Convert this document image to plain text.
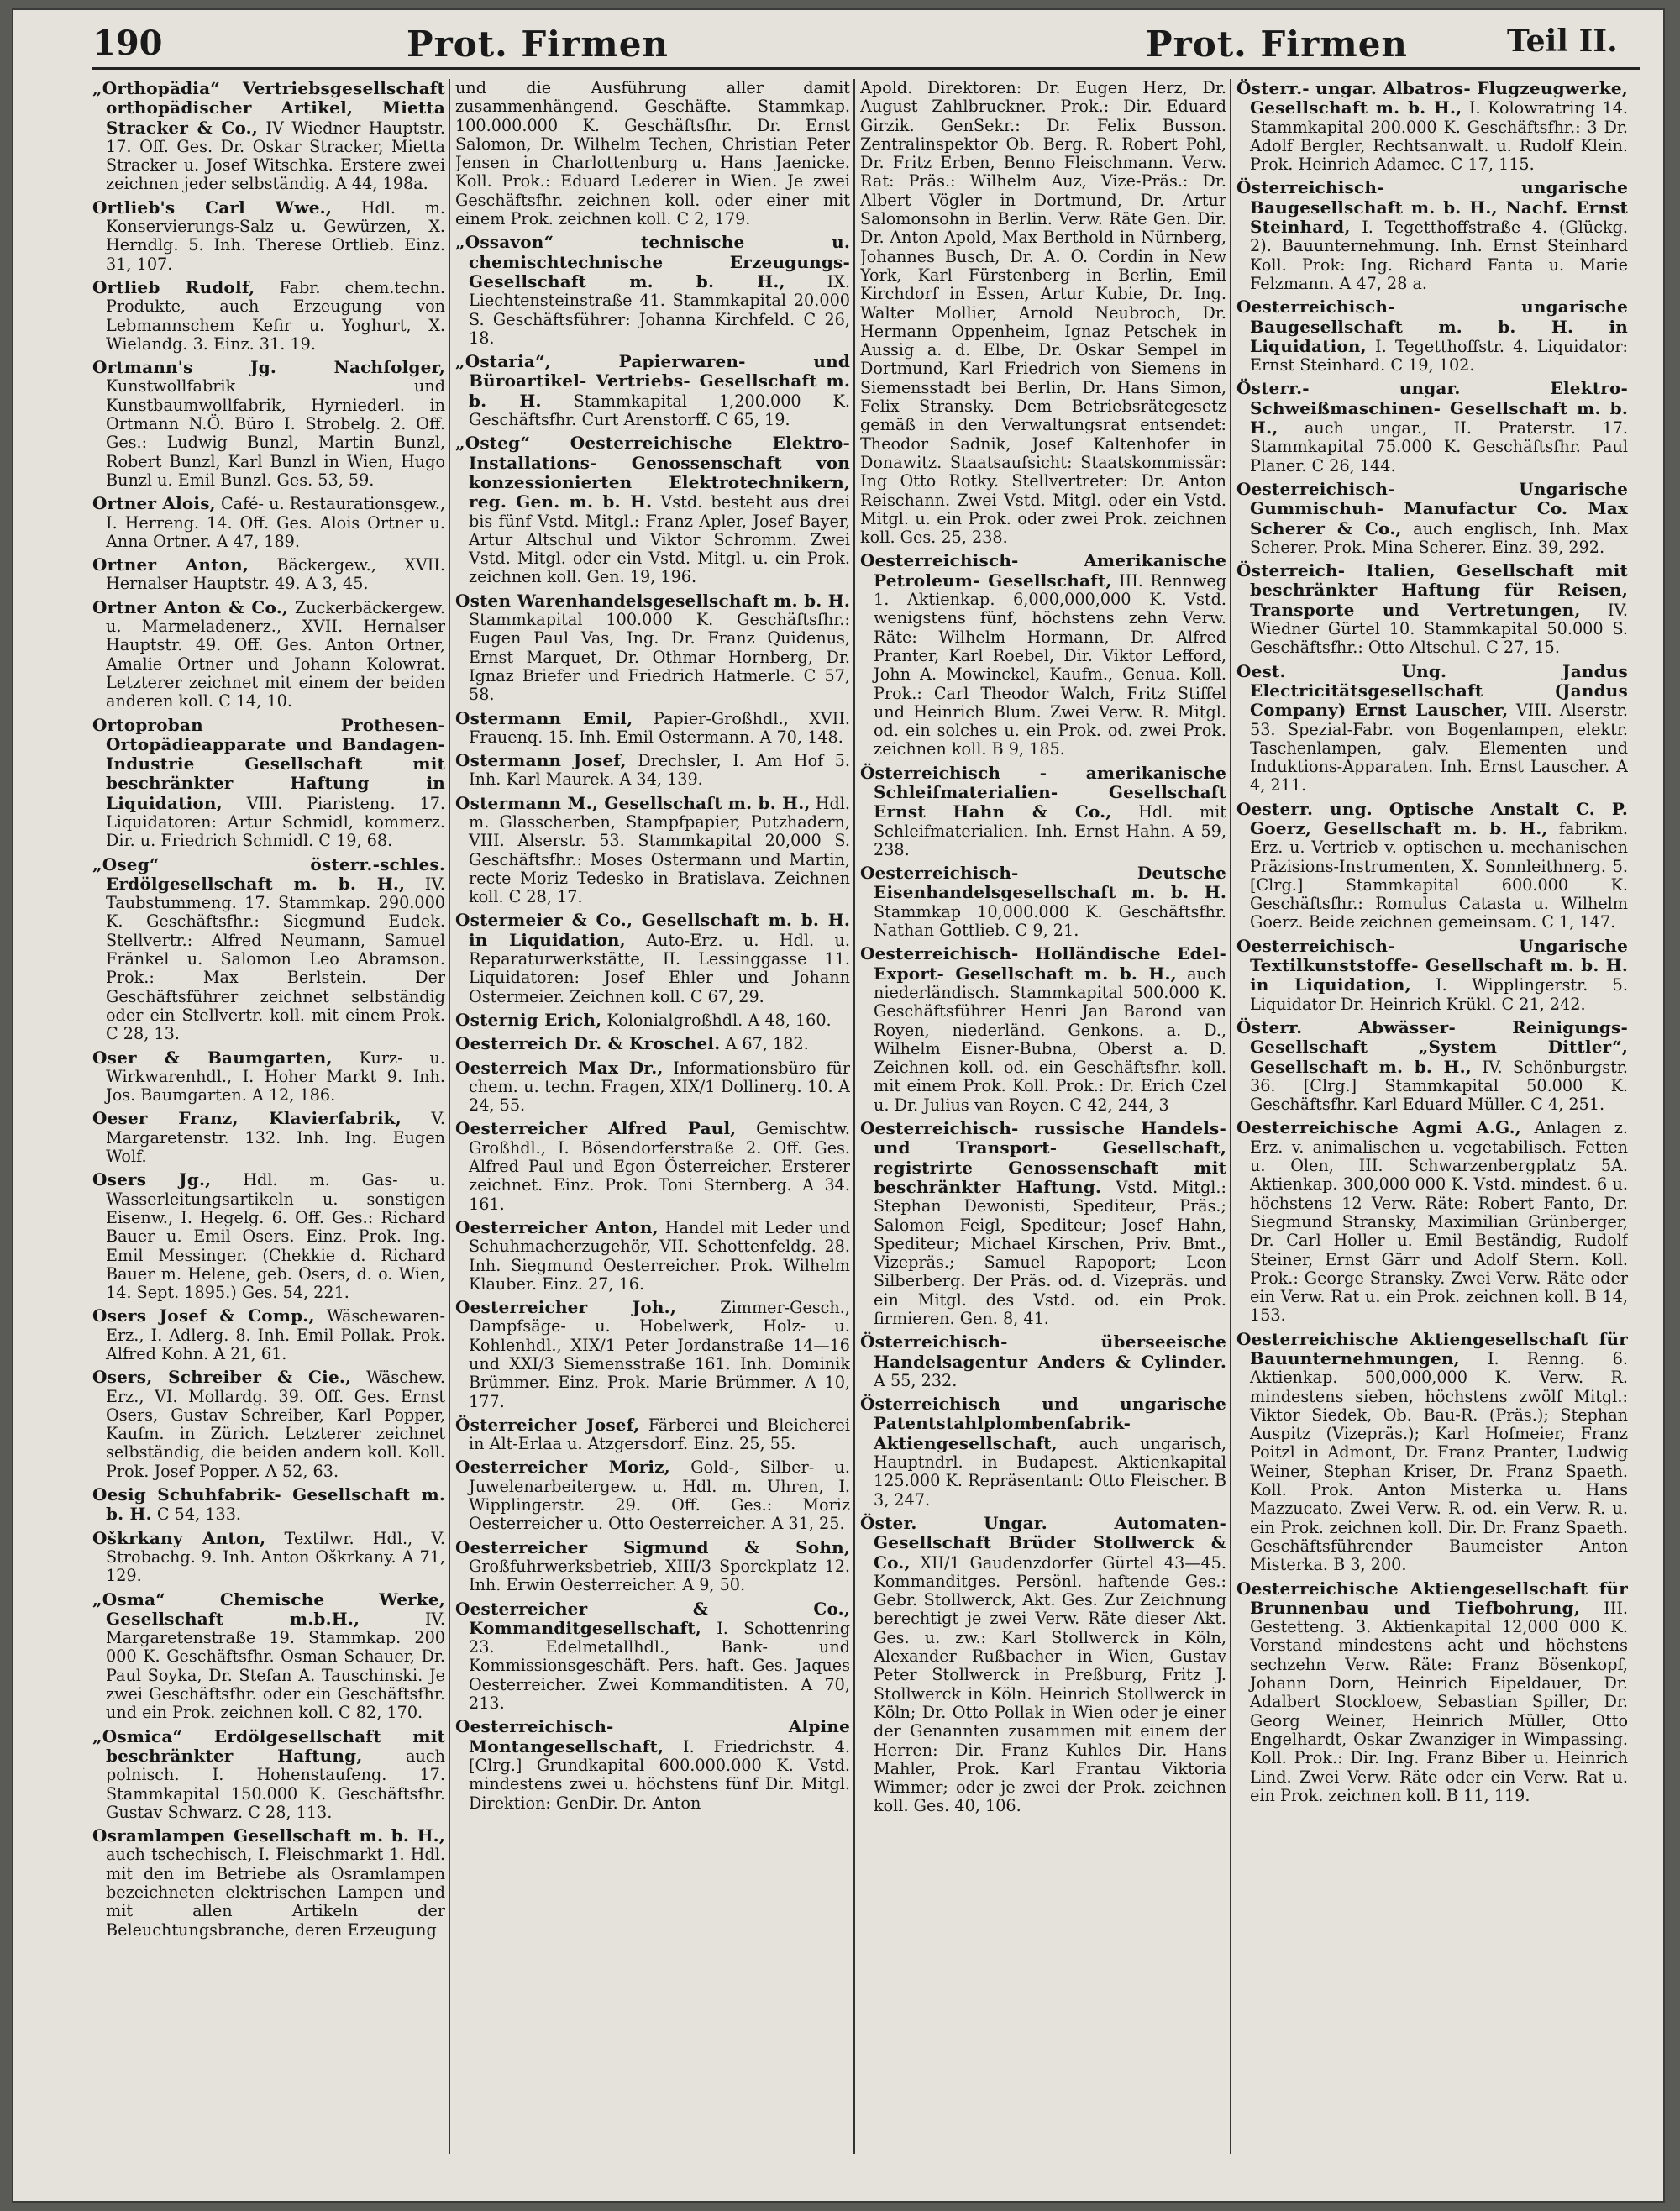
190	Prot. Firmen	Prot. Firmen	Teil II.
„Orthopädia“ Vertriebsgesellschaft orthopädischer Artikel, Mietta Stracker & Co., IV Wiedner Hauptstr. 17. Off. Ges. Dr. Oskar Stracker, Mietta Stracker u. Josef Witschka. Erstere zwei zeichnen jeder selbständig. A 44, 198a.
Ortlieb's Carl Wwe., Hdl. m. Konservierungs-Salz u. Gewürzen, X. Herndlg. 5. Inh. Therese Ortlieb. Einz. 31, 107.
Ortlieb Rudolf, Fabr. chem.techn. Produkte, auch Erzeugung von Lebmannschem Kefir u. Yoghurt, X. Wielandg. 3. Einz. 31. 19.
Ortmann's Jg. Nachfolger, Kunstwollfabrik und Kunstbaumwollfabrik, Hyrniederl. in Ortmann N.Ö. Büro I. Strobelg. 2. Off. Ges.: Ludwig Bunzl, Martin Bunzl, Robert Bunzl, Karl Bunzl in Wien, Hugo Bunzl u. Emil Bunzl. Ges. 53, 59.
Ortner Alois, Café- u. Restaurationsgew., I. Herreng. 14. Off. Ges. Alois Ortner u. Anna Ortner. A 47, 189.
Ortner Anton, Bäckergew., XVII. Hernalser Hauptstr. 49. A 3, 45.
Ortner Anton & Co., Zuckerbäckergew. u. Marmeladenerz., XVII. Hernalser Hauptstr. 49. Off. Ges. Anton Ortner, Amalie Ortner und Johann Kolowrat. Letzterer zeichnet mit einem der beiden anderen koll. C 14, 10.
Ortoproban Prothesen- Ortopädieapparate und Bandagen-Industrie Gesellschaft mit beschränkter Haftung in Liquidation, VIII. Piaristeng. 17. Liquidatoren: Artur Schmidl, kommerz. Dir. u. Friedrich Schmidl. C 19, 68.
„Oseg“ österr.-schles. Erdölgesellschaft m. b. H., IV. Taubstummeng. 17. Stammkap. 290.000 K. Geschäftsfhr.: Siegmund Eudek. Stellvertr.: Alfred Neumann, Samuel Fränkel u. Salomon Leo Abramson. Prok.: Max Berlstein. Der Geschäftsführer zeichnet selbständig oder ein Stellvertr. koll. mit einem Prok. C 28, 13.
Oser & Baumgarten, Kurz- u. Wirkwarenhdl., I. Hoher Markt 9. Inh. Jos. Baumgarten. A 12, 186.
Oeser Franz, Klavierfabrik, V. Margaretenstr. 132. Inh. Ing. Eugen Wolf.
Osers Jg., Hdl. m. Gas- u. Wasserleitungsartikeln u. sonstigen Eisenw., I. Hegelg. 6. Off. Ges.: Richard Bauer u. Emil Osers. Einz. Prok. Ing. Emil Messinger. (Chekkie d. Richard Bauer m. Helene, geb. Osers, d. o. Wien, 14. Sept. 1895.) Ges. 54, 221.
Osers Josef & Comp., Wäschewaren-Erz., I. Adlerg. 8. Inh. Emil Pollak. Prok. Alfred Kohn. A 21, 61.
Osers, Schreiber & Cie., Wäschew. Erz., VI. Mollardg. 39. Off. Ges. Ernst Osers, Gustav Schreiber, Karl Popper, Kaufm. in Zürich. Letzterer zeichnet selbständig, die beiden andern koll. Koll. Prok. Josef Popper. A 52, 63.
Oesig Schuhfabrik- Gesellschaft m. b. H. C 54, 133.
Oškrkany Anton, Textilwr. Hdl., V. Strobachg. 9. Inh. Anton Oškrkany. A 71, 129.
„Osma“ Chemische Werke, Gesellschaft m.b.H., IV. Margaretenstraße 19. Stammkap. 200 000 K. Geschäftsfhr. Osman Schauer, Dr. Paul Soyka, Dr. Stefan A. Tauschinski. Je zwei Geschäftsfhr. oder ein Geschäftsfhr. und ein Prok. zeichnen koll. C 82, 170.
„Osmica“ Erdölgesellschaft mit beschränkter Haftung, auch polnisch. I. Hohenstaufeng. 17. Stammkapital 150.000 K. Geschäftsfhr. Gustav Schwarz. C 28, 113.
Osramlampen Gesellschaft m. b. H., auch tschechisch, I. Fleischmarkt 1. Hdl. mit den im Betriebe als Osramlampen bezeichneten elektrischen Lampen und mit allen Artikeln der Beleuchtungsbranche, deren Erzeugung
und die Ausführung aller damit zusammenhängend. Geschäfte. Stammkap. 100.000.000 K. Geschäftsfhr. Dr. Ernst Salomon, Dr. Wilhelm Techen, Christian Peter Jensen in Charlottenburg u. Hans Jaenicke. Koll. Prok.: Eduard Lederer in Wien. Je zwei Geschäftsfhr. zeichnen koll. oder einer mit einem Prok. zeichnen koll. C 2, 179.
„Ossavon“ technische u. chemischtechnische Erzeugungs-Gesellschaft m. b. H., IX. Liechtensteinstraße 41. Stammkapital 20.000 S. Geschäftsführer: Johanna Kirchfeld. C 26, 18.
„Ostaria“, Papierwaren- und Büroartikel- Vertriebs- Gesellschaft m. b. H. Stammkapital 1,200.000 K. Geschäftsfhr. Curt Arenstorff. C 65, 19.
„Osteg“ Oesterreichische Elektro- Installations- Genossenschaft von konzessionierten Elektrotechnikern, reg. Gen. m. b. H. Vstd. besteht aus drei bis fünf Vstd. Mitgl.: Franz Apler, Josef Bayer, Artur Altschul und Viktor Schromm. Zwei Vstd. Mitgl. oder ein Vstd. Mitgl. u. ein Prok. zeichnen koll. Gen. 19, 196.
Osten Warenhandelsgesellschaft m. b. H. Stammkapital 100.000 K. Geschäftsfhr.: Eugen Paul Vas, Ing. Dr. Franz Quidenus, Ernst Marquet, Dr. Othmar Hornberg, Dr. Ignaz Briefer und Friedrich Hatmerle. C 57, 58.
Ostermann Emil, Papier-Großhdl., XVII. Frauenq. 15. Inh. Emil Ostermann. A 70, 148.
Ostermann Josef, Drechsler, I. Am Hof 5. Inh. Karl Maurek. A 34, 139.
Ostermann M., Gesellschaft m. b. H., Hdl. m. Glasscherben, Stampfpapier, Putzhadern, VIII. Alserstr. 53. Stammkapital 20,000 S. Geschäftsfhr.: Moses Ostermann und Martin, recte Moriz Tedesko in Bratislava. Zeichnen koll. C 28, 17.
Ostermeier & Co., Gesellschaft m. b. H. in Liquidation, Auto-Erz. u. Hdl. u. Reparaturwerkstätte, II. Lessinggasse 11. Liquidatoren: Josef Ehler und Johann Ostermeier. Zeichnen koll. C 67, 29.
Osternig Erich, Kolonialgroßhdl. A 48, 160.
Oesterreich Dr. & Kroschel. A 67, 182.
Oesterreich Max Dr., Informationsbüro für chem. u. techn. Fragen, XIX/1 Dollinerg. 10. A 24, 55.
Oesterreicher Alfred Paul, Gemischtw. Großhdl., I. Bösendorferstraße 2. Off. Ges. Alfred Paul und Egon Österreicher. Ersterer zeichnet. Einz. Prok. Toni Sternberg. A 34. 161.
Oesterreicher Anton, Handel mit Leder und Schuhmacherzugehör, VII. Schottenfeldg. 28. Inh. Siegmund Oesterreicher. Prok. Wilhelm Klauber. Einz. 27, 16.
Oesterreicher Joh., Zimmer-Gesch., Dampfsäge- u. Hobelwerk, Holz- u. Kohlenhdl., XIX/1 Peter Jordanstraße 14—16 und XXI/3 Siemensstraße 161. Inh. Dominik Brümmer. Einz. Prok. Marie Brümmer. A 10, 177.
Österreicher Josef, Färberei und Bleicherei in Alt-Erlaa u. Atzgersdorf. Einz. 25, 55.
Oesterreicher Moriz, Gold-, Silber- u. Juwelenarbeitergew. u. Hdl. m. Uhren, I. Wipplingerstr. 29. Off. Ges.: Moriz Oesterreicher u. Otto Oesterreicher. A 31, 25.
Oesterreicher Sigmund & Sohn, Großfuhrwerksbetrieb, XIII/3 Sporckplatz 12. Inh. Erwin Oesterreicher. A 9, 50.
Oesterreicher & Co., Kommanditgesellschaft, I. Schottenring 23. Edelmetallhdl., Bank- und Kommissionsgeschäft. Pers. haft. Ges. Jaques Oesterreicher. Zwei Kommanditisten. A 70, 213.
Oesterreichisch- Alpine Montangesellschaft, I. Friedrichstr. 4. [Clrg.] Grundkapital 600.000.000 K. Vstd. mindestens zwei u. höchstens fünf Dir. Mitgl. Direktion: GenDir. Dr. Anton
Apold. Direktoren: Dr. Eugen Herz, Dr. August Zahlbruckner. Prok.: Dir. Eduard Girzik. GenSekr.: Dr. Felix Busson. Zentralinspektor Ob. Berg. R. Robert Pohl, Dr. Fritz Erben, Benno Fleischmann. Verw. Rat: Präs.: Wilhelm Auz, Vize-Präs.: Dr. Albert Vögler in Dortmund, Dr. Artur Salomonsohn in Berlin. Verw. Räte Gen. Dir. Dr. Anton Apold, Max Berthold in Nürnberg, Johannes Busch, Dr. A. O. Cordin in New York, Karl Fürstenberg in Berlin, Emil Kirchdorf in Essen, Artur Kubie, Dr. Ing. Walter Mollier, Arnold Neubroch, Dr. Hermann Oppenheim, Ignaz Petschek in Aussig a. d. Elbe, Dr. Oskar Sempel in Dortmund, Karl Friedrich von Siemens in Siemensstadt bei Berlin, Dr. Hans Simon, Felix Stransky. Dem Betriebsrätegesetz gemäß in den Verwaltungsrat entsendet: Theodor Sadnik, Josef Kaltenhofer in Donawitz. Staatsaufsicht: Staatskommissär: Ing Otto Rotky. Stellvertreter: Dr. Anton Reischann. Zwei Vstd. Mitgl. oder ein Vstd. Mitgl. u. ein Prok. oder zwei Prok. zeichnen koll. Ges. 25, 238.
Oesterreichisch- Amerikanische Petroleum- Gesellschaft, III. Rennweg 1. Aktienkap. 6,000,000,000 K. Vstd. wenigstens fünf, höchstens zehn Verw. Räte: Wilhelm Hormann, Dr. Alfred Pranter, Karl Roebel, Dir. Viktor Lefford, John A. Mowinckel, Kaufm., Genua. Koll. Prok.: Carl Theodor Walch, Fritz Stiffel und Heinrich Blum. Zwei Verw. R. Mitgl. od. ein solches u. ein Prok. od. zwei Prok. zeichnen koll. B 9, 185.
Österreichisch - amerikanische Schleifmaterialien- Gesellschaft Ernst Hahn & Co., Hdl. mit Schleifmaterialien. Inh. Ernst Hahn. A 59, 238.
Oesterreichisch- Deutsche Eisenhandelsgesellschaft m. b. H. Stammkap 10,000.000 K. Geschäftsfhr. Nathan Gottlieb. C 9, 21.
Oesterreichisch- Holländische Edel- Export- Gesellschaft m. b. H., auch niederländisch. Stammkapital 500.000 K. Geschäftsführer Henri Jan Barond van Royen, niederländ. Genkons. a. D., Wilhelm Eisner-Bubna, Oberst a. D. Zeichnen koll. od. ein Geschäftsfhr. koll. mit einem Prok. Koll. Prok.: Dr. Erich Czel u. Dr. Julius van Royen. C 42, 244, 3
Oesterreichisch- russische Handels- und Transport- Gesellschaft, registrirte Genossenschaft mit beschränkter Haftung. Vstd. Mitgl.: Stephan Dewonisti, Spediteur, Präs.; Salomon Feigl, Spediteur; Josef Hahn, Spediteur; Michael Kirschen, Priv. Bmt., Vizepräs.; Samuel Rapoport; Leon Silberberg. Der Präs. od. d. Vizepräs. und ein Mitgl. des Vstd. od. ein Prok. firmieren. Gen. 8, 41.
Österreichisch- überseeische Handelsagentur Anders & Cylinder. A 55, 232.
Österreichisch und ungarische Patentstahlplombenfabrik- Aktiengesellschaft, auch ungarisch, Hauptndrl. in Budapest. Aktienkapital 125.000 K. Repräsentant: Otto Fleischer. B 3, 247.
Öster. Ungar. Automaten- Gesellschaft Brüder Stollwerck & Co., XII/1 Gaudenzdorfer Gürtel 43—45. Kommanditges. Persönl. haftende Ges.: Gebr. Stollwerck, Akt. Ges. Zur Zeichnung berechtigt je zwei Verw. Räte dieser Akt. Ges. u. zw.: Karl Stollwerck in Köln, Alexander Rußbacher in Wien, Gustav Peter Stollwerck in Preßburg, Fritz J. Stollwerck in Köln. Heinrich Stollwerck in Köln; Dr. Otto Pollak in Wien oder je einer der Genannten zusammen mit einem der Herren: Dir. Franz Kuhles Dir. Hans Mahler, Prok. Karl Frantau Viktoria Wimmer; oder je zwei der Prok. zeichnen koll. Ges. 40, 106.
Österr.- ungar. Albatros- Flugzeugwerke, Gesellschaft m. b. H., I. Kolowratring 14. Stammkapital 200.000 K. Geschäftsfhr.: 3 Dr. Adolf Bergler, Rechtsanwalt. u. Rudolf Klein. Prok. Heinrich Adamec. C 17, 115.
Österreichisch- ungarische Baugesellschaft m. b. H., Nachf. Ernst Steinhard, I. Tegetthoffstraße 4. (Glückg. 2). Bauunternehmung. Inh. Ernst Steinhard Koll. Prok: Ing. Richard Fanta u. Marie Felzmann. A 47, 28 a.
Oesterreichisch- ungarische Baugesellschaft m. b. H. in Liquidation, I. Tegetthoffstr. 4. Liquidator: Ernst Steinhard. C 19, 102.
Österr.- ungar. Elektro- Schweißmaschinen- Gesellschaft m. b. H., auch ungar., II. Praterstr. 17. Stammkapital 75.000 K. Geschäftsfhr. Paul Planer. C 26, 144.
Oesterreichisch- Ungarische Gummischuh- Manufactur Co. Max Scherer & Co., auch englisch, Inh. Max Scherer. Prok. Mina Scherer. Einz. 39, 292.
Österreich- Italien, Gesellschaft mit beschränkter Haftung für Reisen, Transporte und Vertretungen, IV. Wiedner Gürtel 10. Stammkapital 50.000 S. Geschäftsfhr.: Otto Altschul. C 27, 15.
Oest. Ung. Jandus Electricitätsgesellschaft (Jandus Company) Ernst Lauscher, VIII. Alserstr. 53. Spezial-Fabr. von Bogenlampen, elektr. Taschenlampen, galv. Elementen und Induktions-Apparaten. Inh. Ernst Lauscher. A 4, 211.
Oesterr. ung. Optische Anstalt C. P. Goerz, Gesellschaft m. b. H., fabrikm. Erz. u. Vertrieb v. optischen u. mechanischen Präzisions-Instrumenten, X. Sonnleithnerg. 5. [Clrg.] Stammkapital 600.000 K. Geschäftsfhr.: Romulus Catasta u. Wilhelm Goerz. Beide zeichnen gemeinsam. C 1, 147.
Oesterreichisch- Ungarische Textilkunststoffe- Gesellschaft m. b. H. in Liquidation, I. Wipplingerstr. 5. Liquidator Dr. Heinrich Krükl. C 21, 242.
Österr. Abwässer- Reinigungs- Gesellschaft „System Dittler“, Gesellschaft m. b. H., IV. Schönburgstr. 36. [Clrg.] Stammkapital 50.000 K. Geschäftsfhr. Karl Eduard Müller. C 4, 251.
Oesterreichische Agmi A.G., Anlagen z. Erz. v. animalischen u. vegetabilisch. Fetten u. Olen, III. Schwarzenbergplatz 5A. Aktienkap. 300,000 000 K. Vstd. mindest. 6 u. höchstens 12 Verw. Räte: Robert Fanto, Dr. Siegmund Stransky, Maximilian Grünberger, Dr. Carl Holler u. Emil Beständig, Rudolf Steiner, Ernst Gärr und Adolf Stern. Koll. Prok.: George Stransky. Zwei Verw. Räte oder ein Verw. Rat u. ein Prok. zeichnen koll. B 14, 153.
Oesterreichische Aktiengesellschaft für Bauunternehmungen, I. Renng. 6. Aktienkap. 500,000,000 K. Verw. R. mindestens sieben, höchstens zwölf Mitgl.: Viktor Siedek, Ob. Bau-R. (Präs.); Stephan Auspitz (Vizepräs.); Karl Hofmeier, Franz Poitzl in Admont, Dr. Franz Pranter, Ludwig Weiner, Stephan Kriser, Dr. Franz Spaeth. Koll. Prok. Anton Misterka u. Hans Mazzucato. Zwei Verw. R. od. ein Verw. R. u. ein Prok. zeichnen koll. Dir. Dr. Franz Spaeth. Geschäftsführender Baumeister Anton Misterka. B 3, 200.
Oesterreichische Aktiengesellschaft für Brunnenbau und Tiefbohrung, III. Gestetteng. 3. Aktienkapital 12,000 000 K. Vorstand mindestens acht und höchstens sechzehn Verw. Räte: Franz Bösenkopf, Johann Dorn, Heinrich Eipeldauer, Dr. Adalbert Stockloew, Sebastian Spiller, Dr. Georg Weiner, Heinrich Müller, Otto Engelhardt, Oskar Zwanziger in Wimpassing. Koll. Prok.: Dir. Ing. Franz Biber u. Heinrich Lind. Zwei Verw. Räte oder ein Verw. Rat u. ein Prok. zeichnen koll. B 11, 119.
